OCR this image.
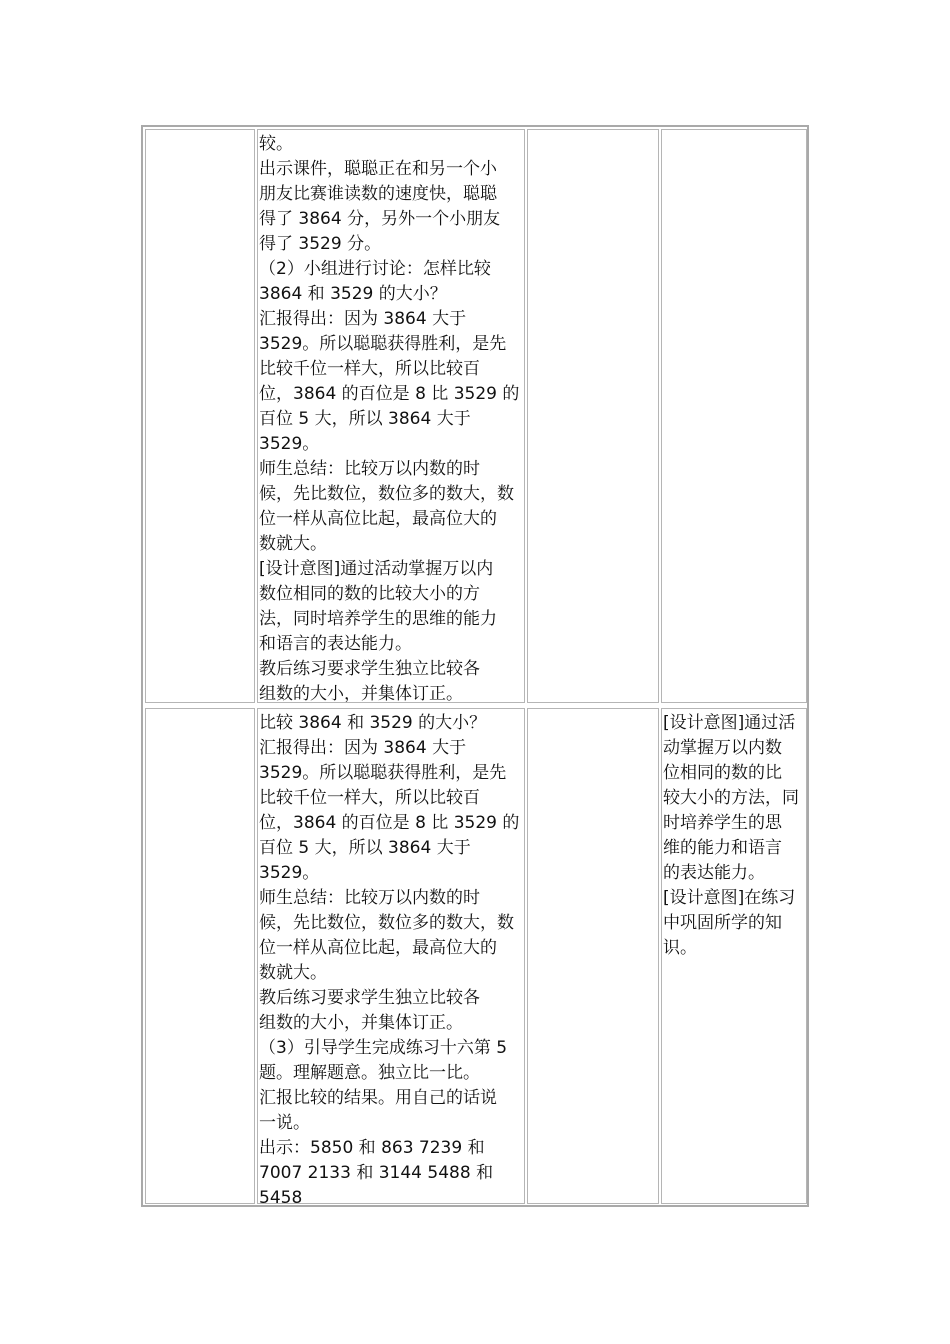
较。
出示课件，聪聪正在和另一个小
朋友比赛谁读数的速度快，聪聪
得了 3864 分，另外一个小朋友
得了 3529 分。
（2）小组进行讨论：怎样比较
3864 和 3529 的大小？
汇报得出：因为 3864 大于
3529。所以聪聪获得胜利，是先
比较千位一样大，所以比较百
位，3864 的百位是 8 比 3529 的
百位 5 大，所以 3864 大于
3529。
师生总结：比较万以内数的时
候，先比数位，数位多的数大，数
位一样从高位比起，最高位大的
数就大。
[设计意图]通过活动掌握万以内
数位相同的数的比较大小的方
法，同时培养学生的思维的能力
和语言的表达能力。
教后练习要求学生独立比较各
组数的大小，并集体订正。
比较 3864 和 3529 的大小？
汇报得出：因为 3864 大于
3529。所以聪聪获得胜利，是先
比较千位一样大，所以比较百
位，3864 的百位是 8 比 3529 的
百位 5 大，所以 3864 大于
3529。
师生总结：比较万以内数的时
候，先比数位，数位多的数大，数
位一样从高位比起，最高位大的
数就大。
教后练习要求学生独立比较各
组数的大小，并集体订正。
（3）引导学生完成练习十六第 5
题。理解题意。独立比一比。
汇报比较的结果。用自己的话说
一说。
出示：5850 和 863 7239 和
7007 2133 和 3144 5488 和
5458
[设计意图]通过活
动掌握万以内数
位相同的数的比
较大小的方法，同
时培养学生的思
维的能力和语言
的表达能力。
[设计意图]在练习
中巩固所学的知
识。
